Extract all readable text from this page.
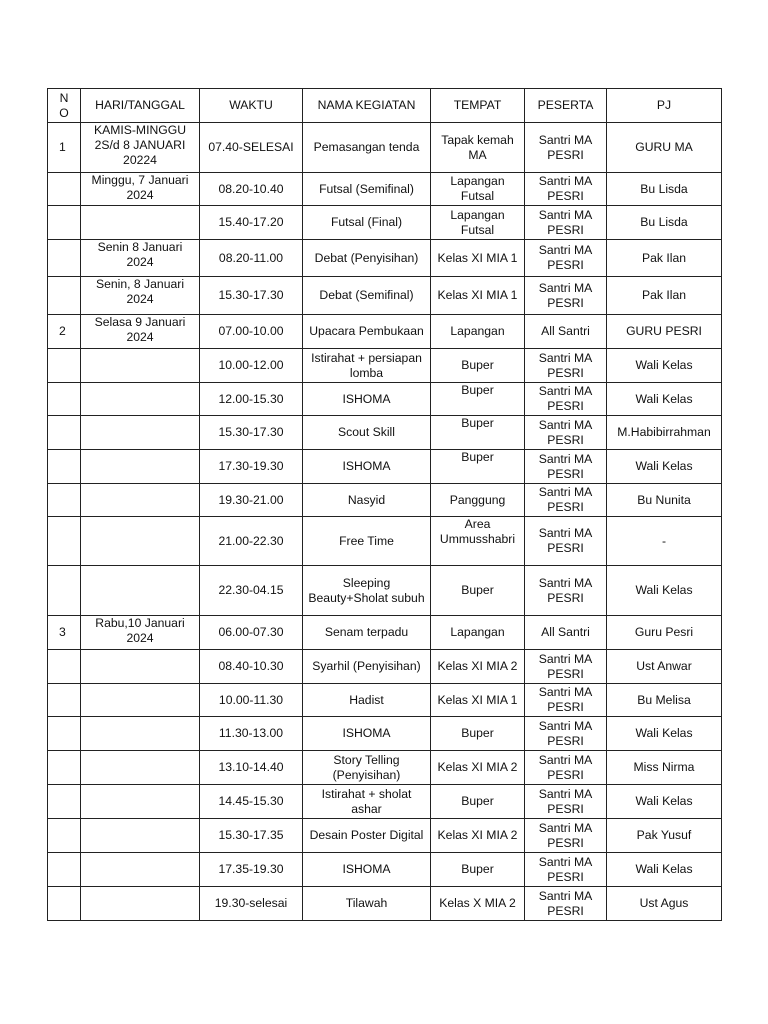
NO	HARI/TANGGAL	WAKTU	NAMA KEGIATAN	TEMPAT	PESERTA	PJ
1	KAMIS-MINGGU 2S/d 8 JANUARI 20224	07.40-SELESAI	Pemasangan tenda	Tapak kemah MA	Santri MA PESRI	GURU MA
	Minggu, 7 Januari 2024	08.20-10.40	Futsal (Semifinal)	Lapangan Futsal	Santri MA PESRI	Bu Lisda
		15.40-17.20	Futsal (Final)	Lapangan Futsal	Santri MA PESRI	Bu Lisda
	Senin 8 Januari 2024	08.20-11.00	Debat (Penyisihan)	Kelas XI MIA 1	Santri MA PESRI	Pak Ilan
	Senin, 8 Januari 2024	15.30-17.30	Debat (Semifinal)	Kelas XI MIA 1	Santri MA PESRI	Pak Ilan
2	Selasa 9 Januari 2024	07.00-10.00	Upacara Pembukaan	Lapangan	All Santri	GURU PESRI
		10.00-12.00	Istirahat + persiapan lomba	Buper	Santri MA PESRI	Wali Kelas
		12.00-15.30	ISHOMA	Buper	Santri MA PESRI	Wali Kelas
		15.30-17.30	Scout Skill	Buper	Santri MA PESRI	M.Habibirrahman
		17.30-19.30	ISHOMA	Buper	Santri MA PESRI	Wali Kelas
		19.30-21.00	Nasyid	Panggung	Santri MA PESRI	Bu Nunita
		21.00-22.30	Free Time	Area Ummusshabri	Santri MA PESRI	-
		22.30-04.15	Sleeping Beauty+Sholat subuh	Buper	Santri MA PESRI	Wali Kelas
3	Rabu,10 Januari 2024	06.00-07.30	Senam terpadu	Lapangan	All Santri	Guru Pesri
		08.40-10.30	Syarhil (Penyisihan)	Kelas XI MIA 2	Santri MA PESRI	Ust Anwar
		10.00-11.30	Hadist	Kelas XI MIA 1	Santri MA PESRI	Bu Melisa
		11.30-13.00	ISHOMA	Buper	Santri MA PESRI	Wali Kelas
		13.10-14.40	Story Telling (Penyisihan)	Kelas XI MIA 2	Santri MA PESRI	Miss Nirma
		14.45-15.30	Istirahat + sholat ashar	Buper	Santri MA PESRI	Wali Kelas
		15.30-17.35	Desain Poster Digital	Kelas XI MIA 2	Santri MA PESRI	Pak Yusuf
		17.35-19.30	ISHOMA	Buper	Santri MA PESRI	Wali Kelas
		19.30-selesai	Tilawah	Kelas X MIA 2	Santri MA PESRI	Ust Agus
